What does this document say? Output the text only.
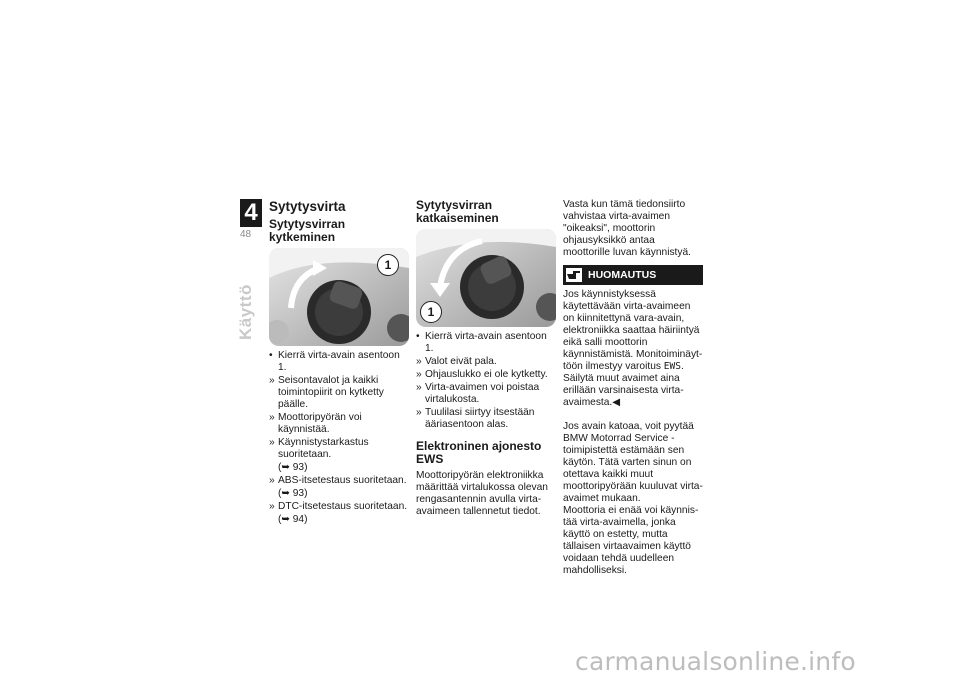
4
48
Käyttö
Sytytysvirta
Sytytysvirran kytkeminen
1
• Kierrä virta-avain asentoon 1.
» Seisontavalot ja kaikki toimintopiirit on kytketty päälle.
» Moottoripyörän voi käynnistää.
» Käynnistystarkastus suoritetaan.
(➥ 93)
» ABS-itsetestaus suoritetaan.
(➥ 93)
» DTC-itsetestaus suoritetaan.
(➥ 94)
Sytytysvirran katkaiseminen
1
• Kierrä virta-avain asentoon 1.
» Valot eivät pala.
» Ohjauslukko ei ole kytketty.
» Virta-avaimen voi poistaa virtalukosta.
» Tuulilasi siirtyy itsestään ääriasentoon alas.
Elektroninen ajonesto EWS

Moottoripyörän elektroniikka määrittää virtalukossa olevan rengasantennin avulla virtaavaimeen tallennetut tiedot.

Vasta kun tämä tiedonsiirto vahvistaa virta-avaimen "oikeaksi", moottorin ohjausyksikkö antaa moottorille luvan käynnistyä.

HUOMAUTUS

Jos käynnistyksessä käytettävään virta-avaimeen on kiinnitettynä vara-avain, elektroniikka saattaa häiriintyä eikä salli moottorin käynnistämistä. Monitoiminäyttöön ilmestyy varoitus EWS.

Säilytä muut avaimet aina erillään varsinaisesta virta-avaimesta.◀

Jos avain katoaa, voit pyytää BMW Motorrad Service -toimipistettä estämään sen käytön. Tätä varten sinun on otettava kaikki muut moottoripyörään kuuluvat virta-avaimet mukaan.

Moottoria ei enää voi käynnistää virta-avaimella, jonka käyttö on estetty, mutta tällaisen virtaavaimen käyttö voidaan tehdä uudelleen mahdolliseksi.

carmanualsonline.info
